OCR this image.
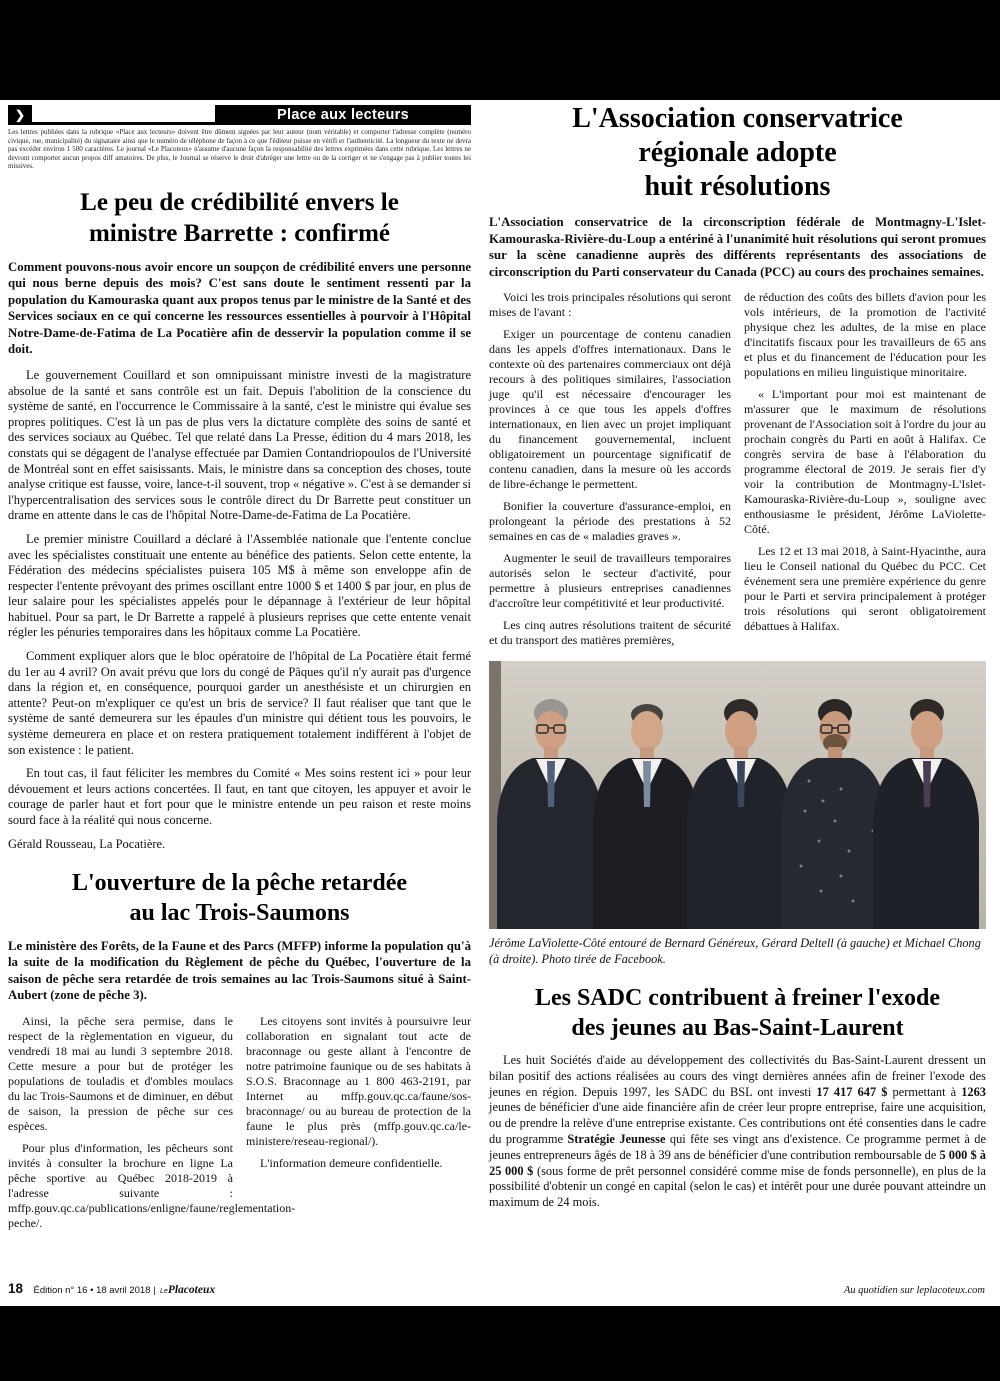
❯	Place aux lecteurs

Les lettres publiées dans la rubrique «Place aux lecteurs» doivent être dûment signées par leur auteur (nom véritable) et comporter l'adresse complète (numéro civique, rue, municipalité) du signataire ainsi que le numéro de téléphone de façon à ce que l'éditeur puisse en vérifi er l'authenticité. La longueur du texte ne devra pas excéder environ 1 500 caractères. Le journal «Le Placoteux» n'assume d'aucune façon la responsabilité des lettres exprimées dans cette rubrique. Les lettres ne devront comporter aucun propos diff amatoires. De plus, le Journal se réserve le droit d'abréger une lettre ou de la corriger et ne s'engage pas à publier toutes les missives.

Le peu de crédibilité envers le
ministre Barrette : confirmé

Comment pouvons-nous avoir encore un soupçon de crédibilité envers une personne qui nous berne depuis des mois? C'est sans doute le sentiment ressenti par la population du Kamouraska quant aux propos tenus par le ministre de la Santé et des Services sociaux en ce qui concerne les ressources essentielles à pourvoir à l'Hôpital Notre-Dame-de-Fatima de La Pocatière afin de desservir la population comme il se doit.

Le gouvernement Couillard et son omnipuissant ministre investi de la magistrature absolue de la santé et sans contrôle est un fait. Depuis l'abolition de la conscience du système de santé, en l'occurrence le Commissaire à la santé, c'est le ministre qui évalue ses propres politiques. C'est là un pas de plus vers la dictature complète des soins de santé et des services sociaux au Québec. Tel que relaté dans La Presse, édition du 4 mars 2018, les constats qui se dégagent de l'analyse effectuée par Damien Contandriopoulos de l'Université de Montréal sont en effet saisissants. Mais, le ministre dans sa conception des choses, toute analyse critique est fausse, voire, lance-t-il souvent, trop « négative ». C'est à se demander si l'hypercentralisation des services sous le contrôle direct du Dr Barrette peut constituer un drame en attente dans le cas de l'hôpital Notre-Dame-de-Fatima de La Pocatière.

Le premier ministre Couillard a déclaré à l'Assemblée nationale que l'entente conclue avec les spécialistes constituait une entente au bénéfice des patients. Selon cette entente, la Fédération des médecins spécialistes puisera 105 M$ à même son enveloppe afin de respecter l'entente prévoyant des primes oscillant entre 1000 $ et 1400 $ par jour, en plus de leur salaire pour les spécialistes appelés pour le dépannage à l'extérieur de leur hôpital habituel. Pour sa part, le Dr Barrette a rappelé à plusieurs reprises que cette entente venait régler les pénuries temporaires dans les hôpitaux comme La Pocatière.

Comment expliquer alors que le bloc opératoire de l'hôpital de La Pocatière était fermé du 1er au 4 avril? On avait prévu que lors du congé de Pâques qu'il n'y aurait pas d'urgence dans la région et, en conséquence, pourquoi garder un anesthésiste et un chirurgien en attente? Peut-on m'expliquer ce qu'est un bris de service? Il faut réaliser que tant que le système de santé demeurera sur les épaules d'un ministre qui détient tous les pouvoirs, le système demeurera en place et on restera pratiquement totalement indifférent à l'objet de son existence : le patient.

En tout cas, il faut féliciter les membres du Comité « Mes soins restent ici » pour leur dévouement et leurs actions concertées. Il faut, en tant que citoyen, les appuyer et avoir le courage de parler haut et fort pour que le ministre entende un peu raison et reste moins sourd face à la réalité qui nous concerne.

Gérald Rousseau, La Pocatière.

L'ouverture de la pêche retardée
au lac Trois-Saumons

Le ministère des Forêts, de la Faune et des Parcs (MFFP) informe la population qu'à la suite de la modification du Règlement de pêche du Québec, l'ouverture de la saison de pêche sera retardée de trois semaines au lac Trois-Saumons situé à Saint-Aubert (zone de pêche 3).

Ainsi, la pêche sera permise, dans le respect de la règlementation en vigueur, du vendredi 18 mai au lundi 3 septembre 2018. Cette mesure a pour but de protéger les populations de touladis et d'ombles moulacs du lac Trois-Saumons et de diminuer, en début de saison, la pression de pêche sur ces espèces.

Pour plus d'information, les pêcheurs sont invités à consulter la brochure en ligne La pêche sportive au Québec 2018-2019 à l'adresse suivante : mffp.gouv.qc.ca/publications/enligne/faune/reglementation-peche/.

Les citoyens sont invités à poursuivre leur collaboration en signalant tout acte de braconnage ou geste allant à l'encontre de notre patrimoine faunique ou de ses habitats à S.O.S. Braconnage au 1 800 463-2191, par Internet au mffp.gouv.qc.ca/faune/sos-braconnage/ ou au bureau de protection de la faune le plus près (mffp.gouv.qc.ca/le-ministere/reseau-regional/).

L'information demeure confidentielle.

L'Association conservatrice
régionale adopte
huit résolutions

L'Association conservatrice de la circonscription fédérale de Montmagny-L'Islet-Kamouraska-Rivière-du-Loup a entériné à l'unanimité huit résolutions qui seront promues sur la scène canadienne auprès des différents représentants des associations de circonscription du Parti conservateur du Canada (PCC) au cours des prochaines semaines.

Voici les trois principales résolutions qui seront mises de l'avant :

Exiger un pourcentage de contenu canadien dans les appels d'offres internationaux. Dans le contexte où des partenaires commerciaux ont déjà recours à des politiques similaires, l'association juge qu'il est nécessaire d'encourager les provinces à ce que tous les appels d'offres internationaux, en lien avec un projet impliquant du financement gouvernemental, incluent obligatoirement un pourcentage significatif de contenu canadien, dans la mesure où les accords de libre-échange le permettent.

Bonifier la couverture d'assurance-emploi, en prolongeant la période des prestations à 52 semaines en cas de « maladies graves ».

Augmenter le seuil de travailleurs temporaires autorisés selon le secteur d'activité, pour permettre à plusieurs entreprises canadiennes d'accroître leur compétitivité et leur productivité.

Les cinq autres résolutions traitent de sécurité et du transport des matières premières,

de réduction des coûts des billets d'avion pour les vols intérieurs, de la promotion de l'activité physique chez les adultes, de la mise en place d'incitatifs fiscaux pour les travailleurs de 65 ans et plus et du financement de l'éducation pour les populations en milieu linguistique minoritaire.

« L'important pour moi est maintenant de m'assurer que le maximum de résolutions provenant de l'Association soit à l'ordre du jour au prochain congrès du Parti en août à Halifax. Ce congrès servira de base à l'élaboration du programme électoral de 2019. Je serais fier d'y voir la contribution de Montmagny-L'Islet-Kamouraska-Rivière-du-Loup », souligne avec enthousiasme le président, Jérôme LaViolette-Côté.

Les 12 et 13 mai 2018, à Saint-Hyacinthe, aura lieu le Conseil national du Québec du PCC. Cet événement sera une première expérience du genre pour le Parti et servira principalement à protéger trois résolutions qui seront obligatoirement débattues à Halifax.

Jérôme LaViolette-Côté entouré de Bernard Généreux, Gérard Deltell (à gauche) et Michael Chong (à droite). Photo tirée de Facebook.

Les SADC contribuent à freiner l'exode
des jeunes au Bas-Saint-Laurent

Les huit Sociétés d'aide au développement des collectivités du Bas-Saint-Laurent dressent un bilan positif des actions réalisées au cours des vingt dernières années afin de freiner l'exode des jeunes en région. Depuis 1997, les SADC du BSL ont investi 17 417 647 $ permettant à 1263 jeunes de bénéficier d'une aide financière afin de créer leur propre entreprise, faire une acquisition, ou de prendre la relève d'une entreprise existante. Ces contributions ont été consenties dans le cadre du programme Stratégie Jeunesse qui fête ses vingt ans d'existence. Ce programme permet à de jeunes entrepreneurs âgés de 18 à 39 ans de bénéficier d'une contribution remboursable de 5 000 $ à 25 000 $ (sous forme de prêt personnel considéré comme mise de fonds personnelle), en plus de la possibilité d'obtenir un congé en capital (selon le cas) et intérêt pour une durée pouvant atteindre un maximum de 24 mois.

18 Édition n° 16 • 18 avril 2018 | LePlacoteux	Au quotidien sur leplacoteux.com
